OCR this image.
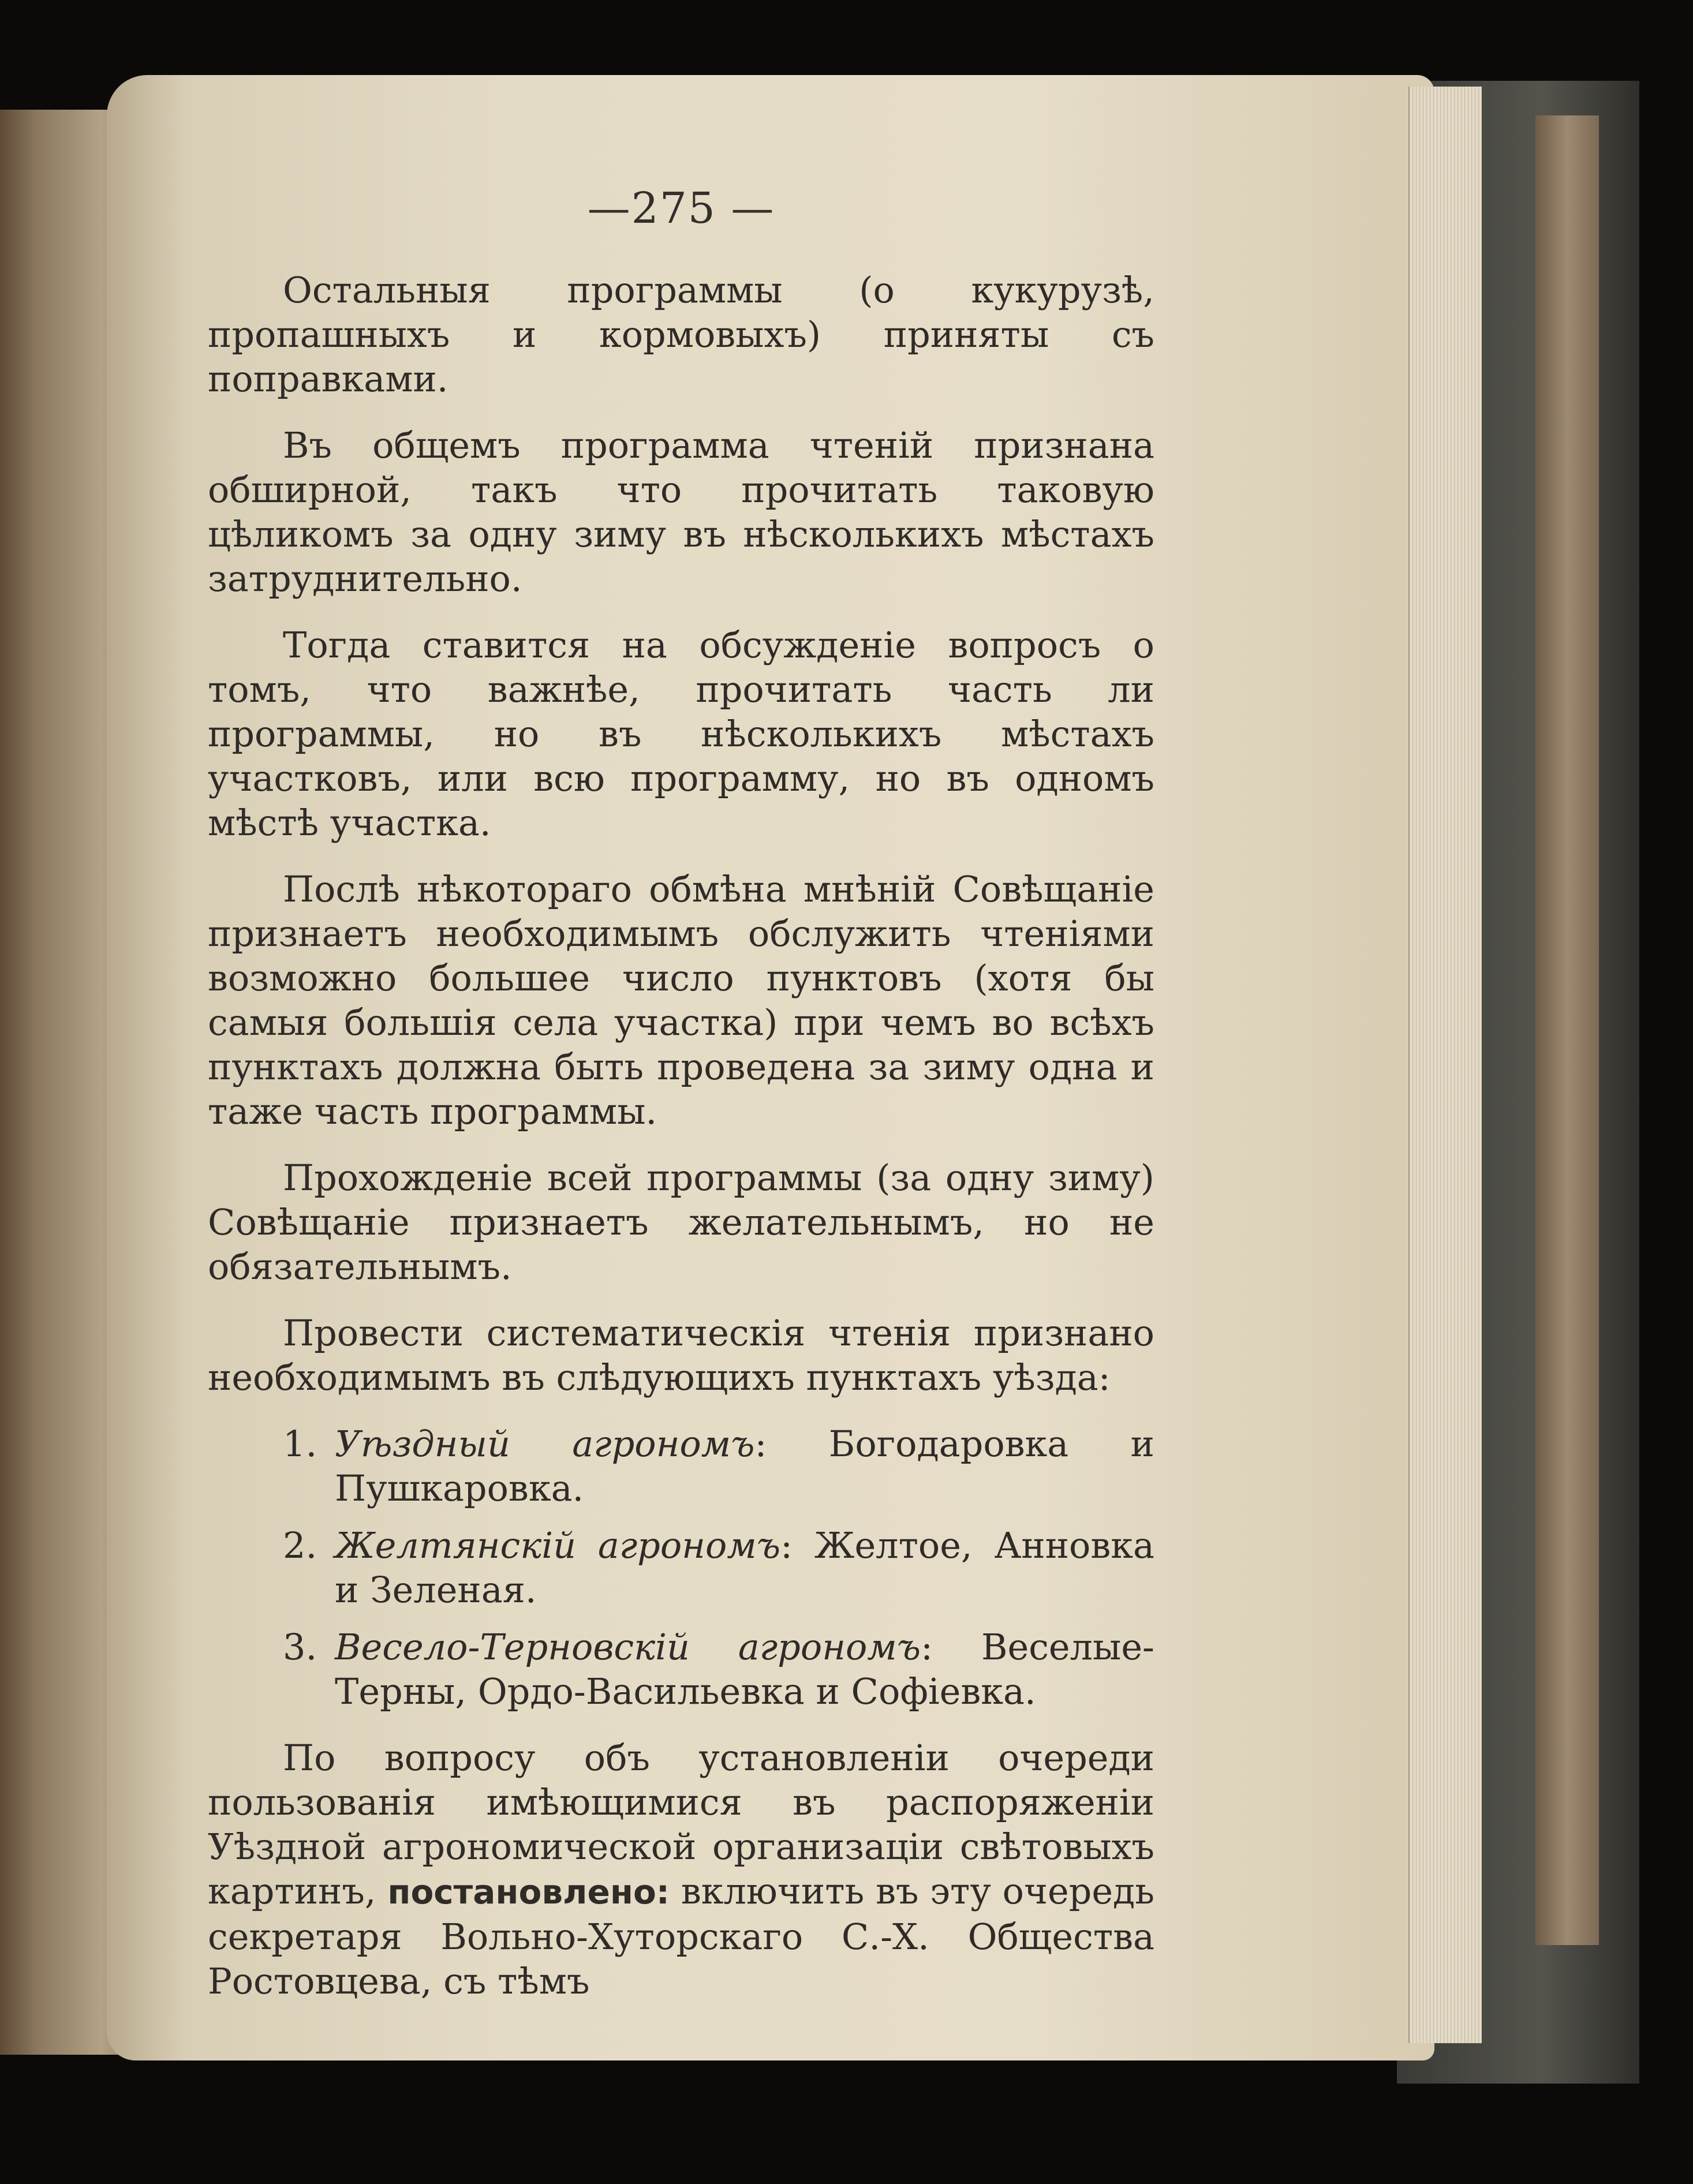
—275 —

Остальныя программы (о кукурузѣ, пропашныхъ и кормовыхъ) приняты съ поправками.

Въ общемъ программа чтеній признана обширной, такъ что прочитать таковую цѣликомъ за одну зиму въ нѣсколькихъ мѣстахъ затруднительно.

Тогда ставится на обсужденіе вопросъ о томъ, что важнѣе, прочитать часть ли программы, но въ нѣсколькихъ мѣстахъ участковъ, или всю программу, но въ одномъ мѣстѣ участка.

Послѣ нѣкотораго обмѣна мнѣній Совѣщаніе признаетъ необходимымъ обслужить чтеніями возможно большее число пунктовъ (хотя бы самыя большія села участка) при чемъ во всѣхъ пунктахъ должна быть проведена за зиму одна и таже часть программы.

Прохожденіе всей программы (за одну зиму) Совѣщаніе признаетъ желательнымъ, но не обязательнымъ.

Провести систематическія чтенія признано необходимымъ въ слѣдующихъ пунктахъ уѣзда:

1. Уѣздный агрономъ: Богодаровка и Пушкаровка.
2. Желтянскій агрономъ: Желтое, Анновка и Зеленая.
3. Весело-Терновскій агрономъ: Веселые-Терны, Ордо-Васильевка и Софіевка.

По вопросу объ установленіи очереди пользованія имѣющимися въ распоряженіи Уѣздной агрономической организаціи свѣтовыхъ картинъ, постановлено: включить въ эту очередь секретаря Вольно-Хуторскаго С.-Х. Общества Ростовцева, съ тѣмъ
